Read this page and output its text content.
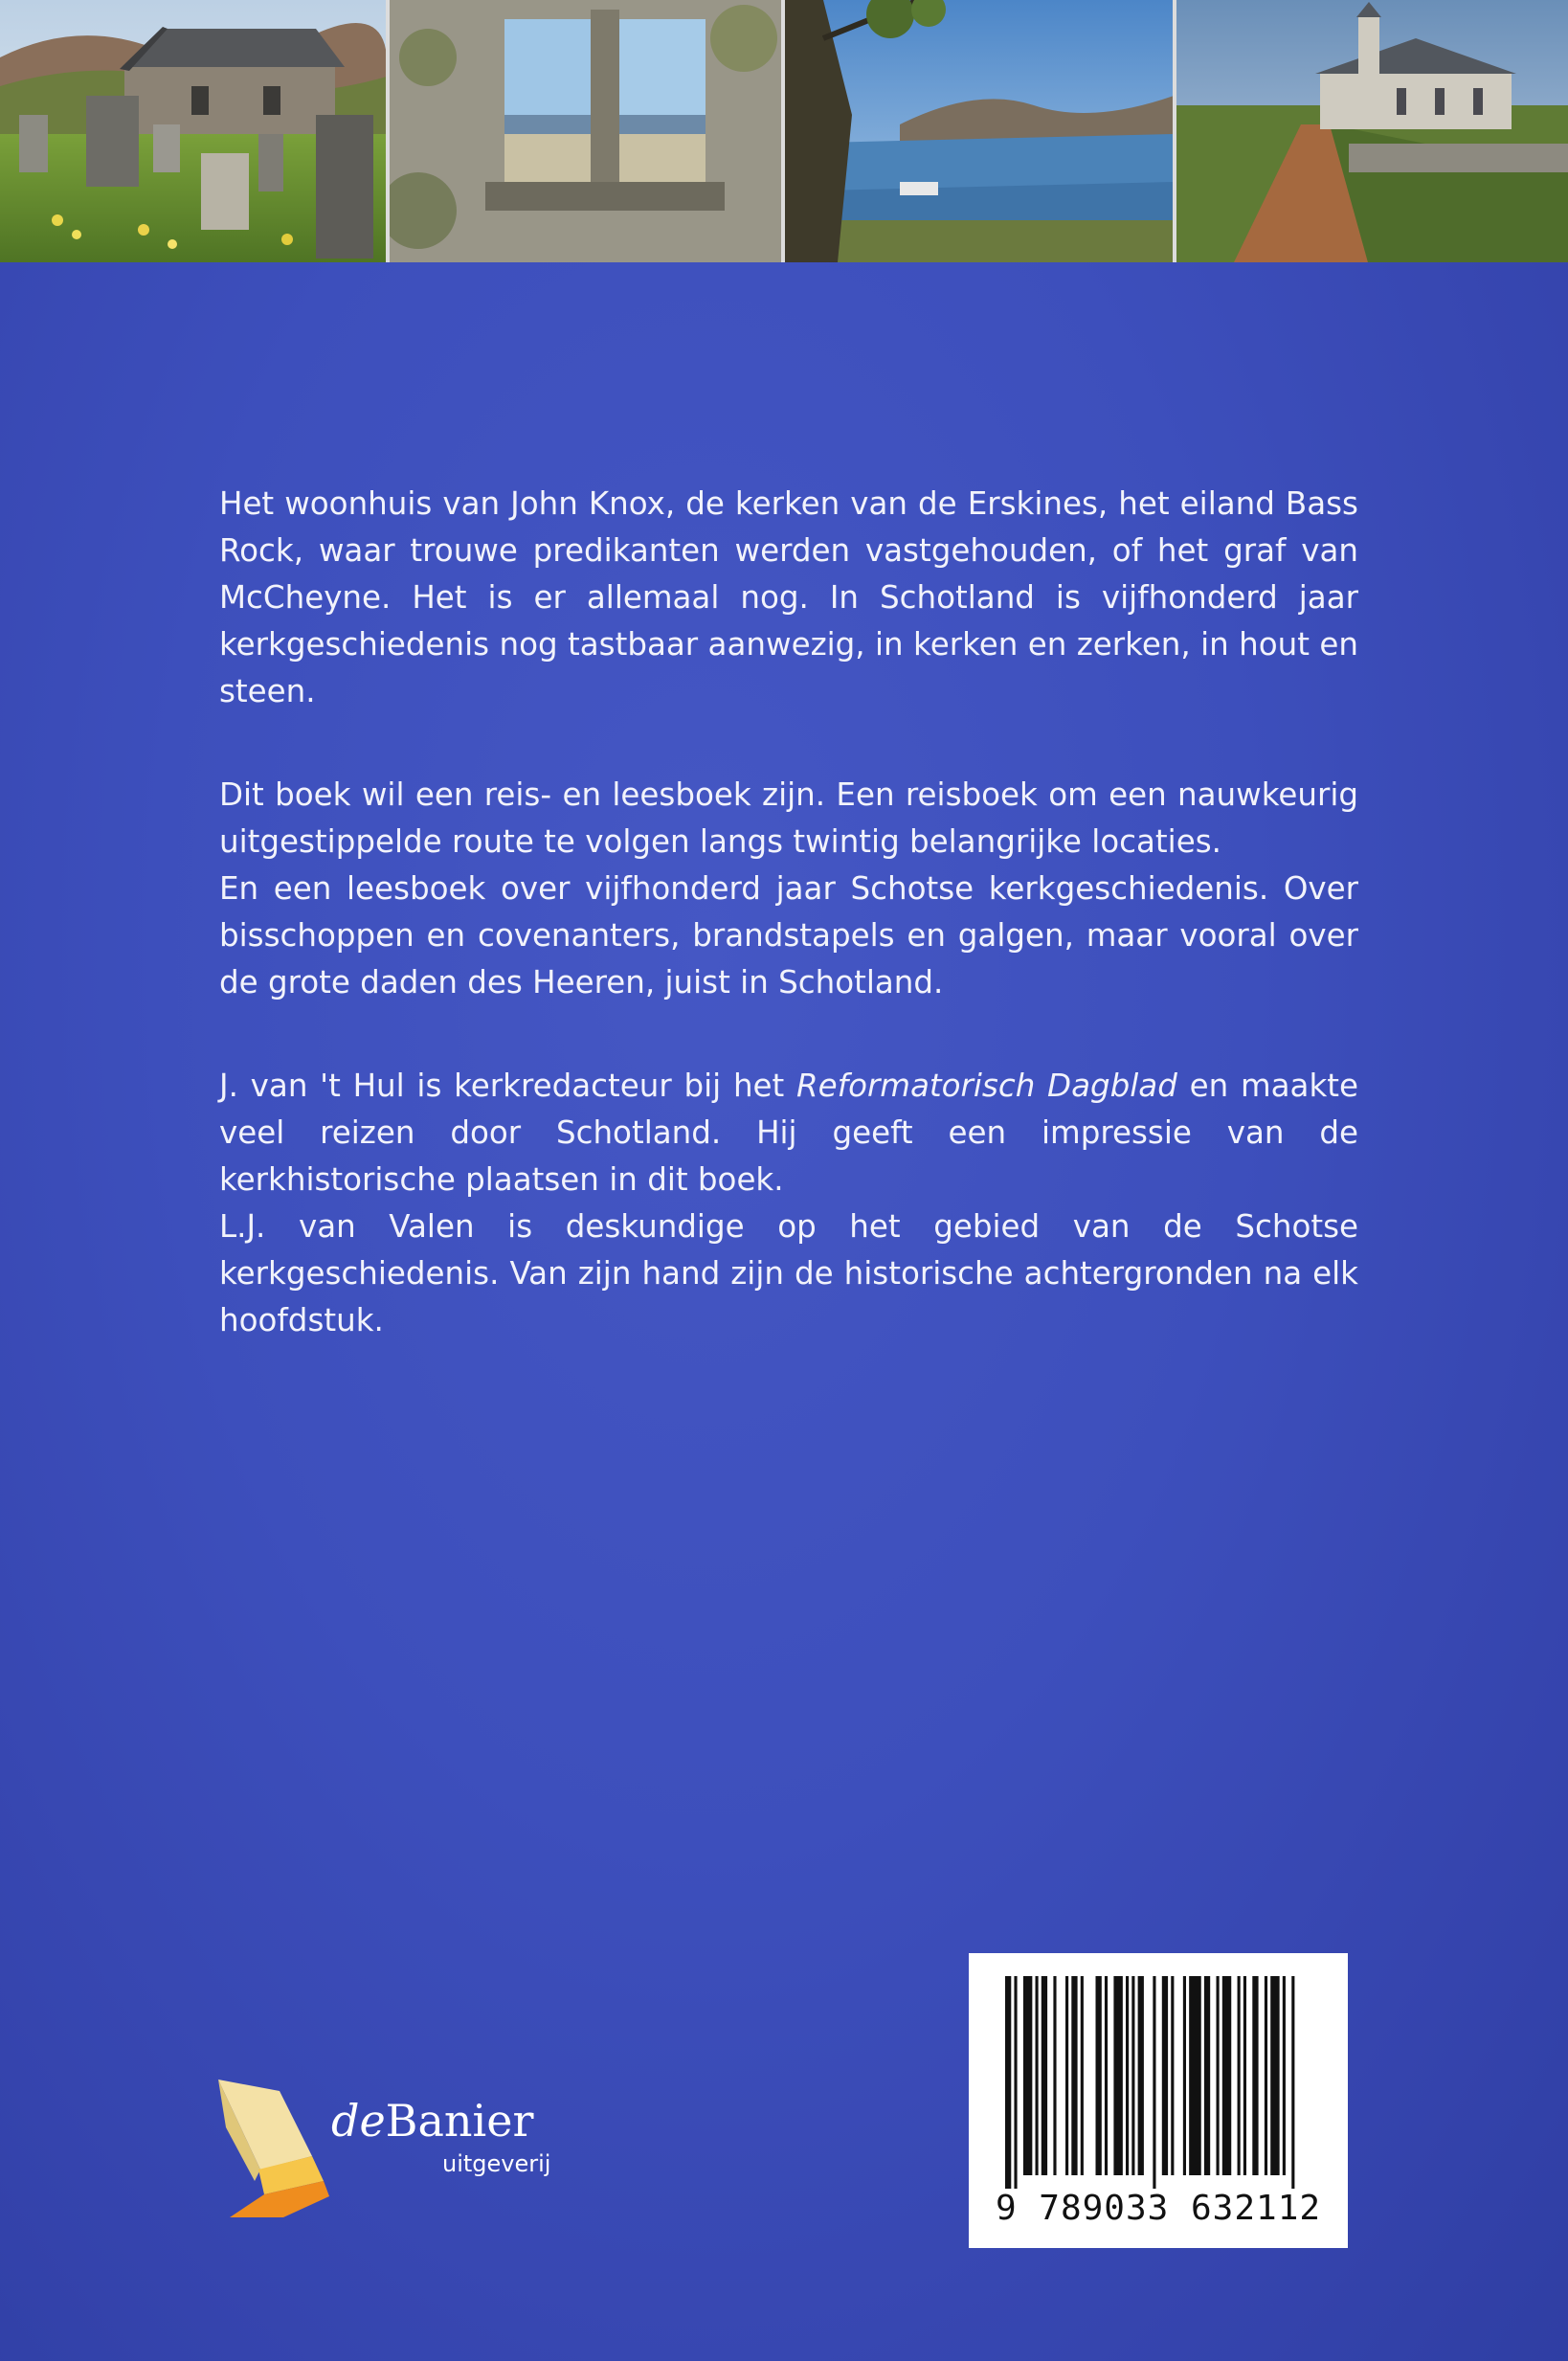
Het woonhuis van John Knox, de kerken van de Erskines, het eiland Bass Rock, waar trouwe predikanten werden vastgehouden, of het graf van McCheyne. Het is er allemaal nog. In Schotland is vijfhonderd jaar kerkgeschiedenis nog tastbaar aanwezig, in kerken en zerken, in hout en steen.

Dit boek wil een reis- en leesboek zijn. Een reisboek om een nauwkeurig uitgestippelde route te volgen langs twintig belangrijke locaties.

En een leesboek over vijfhonderd jaar Schotse kerkgeschiedenis. Over bisschoppen en covenanters, brandstapels en galgen, maar vooral over de grote daden des Heeren, juist in Schotland.

J. van 't Hul is kerkredacteur bij het Reformatorisch Dagblad en maakte veel reizen door Schotland. Hij geeft een impressie van de kerkhistorische plaatsen in dit boek.

L.J. van Valen is deskundige op het gebied van de Schotse kerkgeschiedenis. Van zijn hand zijn de historische achtergronden na elk hoofdstuk.

deBanier
uitgeverij
9 789033 632112
